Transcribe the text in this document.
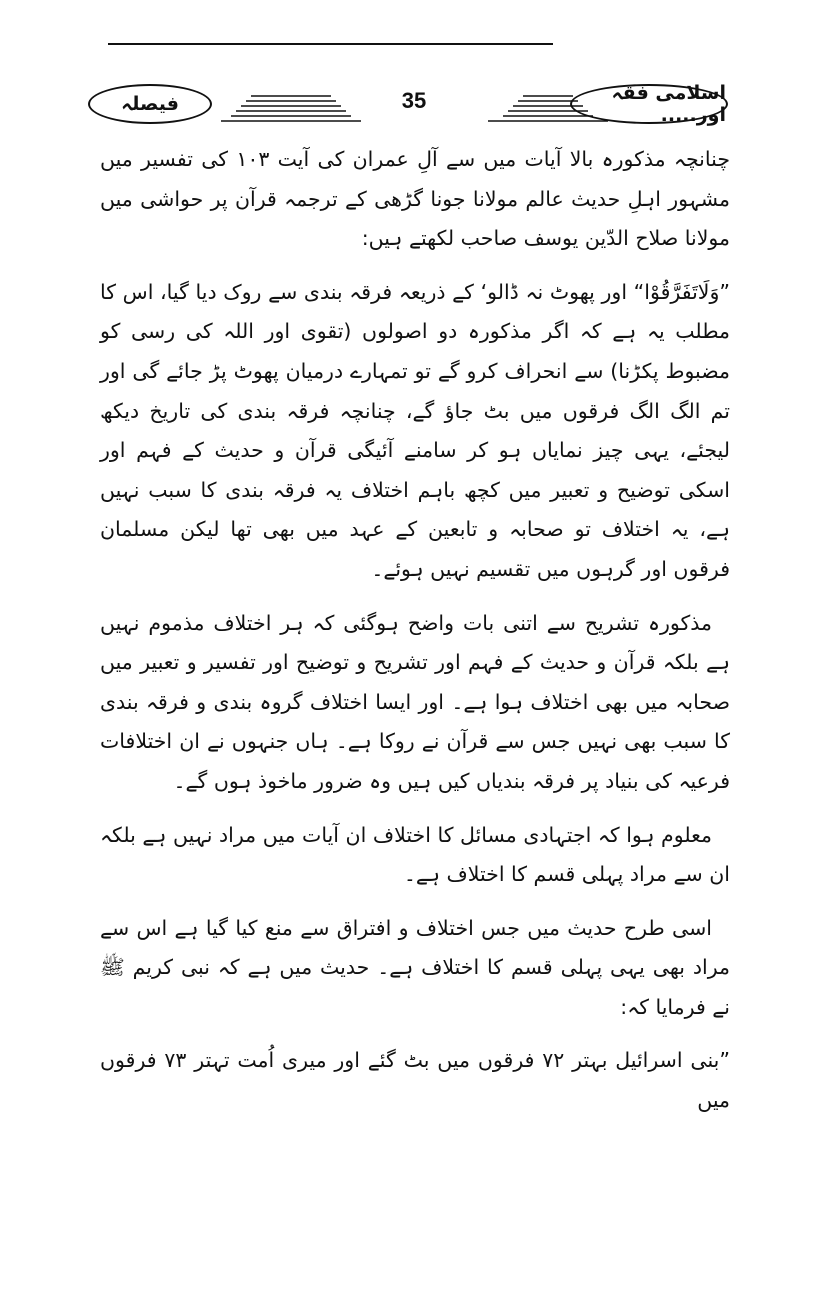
فیصلہ	35	اسلامی فقہ اور.....

چنانچہ مذکورہ بالا آیات میں سے آلِ عمران کی آیت ۱۰۳ کی تفسیر میں مشہور اہلِ حدیث عالم مولانا جونا گڑھی کے ترجمہ قرآن پر حواشی میں مولانا صلاح الدّین یوسف صاحب لکھتے ہیں:

”وَلَاتَفَرَّقُوْا“ اور پھوٹ نہ ڈالو‘ کے ذریعہ فرقہ بندی سے روک دیا گیا، اس کا مطلب یہ ہے کہ اگر مذکورہ دو اصولوں (تقوی اور اللہ کی رسی کو مضبوط پکڑنا) سے انحراف کرو گے تو تمہارے درمیان پھوٹ پڑ جائے گی اور تم الگ الگ فرقوں میں بٹ جاؤ گے، چنانچہ فرقہ بندی کی تاریخ دیکھ لیجئے، یہی چیز نمایاں ہو کر سامنے آئیگی قرآن و حدیث کے فہم اور اسکی توضیح و تعبیر میں کچھ باہم اختلاف یہ فرقہ بندی کا سبب نہیں ہے، یہ اختلاف تو صحابہ و تابعین کے عہد میں بھی تھا لیکن مسلمان فرقوں اور گرہوں میں تقسیم نہیں ہوئے۔

مذکورہ تشریح سے اتنی بات واضح ہوگئی کہ ہر اختلاف مذموم نہیں ہے بلکہ قرآن و حدیث کے فہم اور تشریح و توضیح اور تفسیر و تعبیر میں صحابہ میں بھی اختلاف ہوا ہے۔ اور ایسا اختلاف گروہ بندی و فرقہ بندی کا سبب بھی نہیں جس سے قرآن نے روکا ہے۔ ہاں جنہوں نے ان اختلافات فرعیہ کی بنیاد پر فرقہ بندیاں کیں ہیں وہ ضرور ماخوذ ہوں گے۔

معلوم ہوا کہ اجتہادی مسائل کا اختلاف ان آیات میں مراد نہیں ہے بلکہ ان سے مراد پہلی قسم کا اختلاف ہے۔

اسی طرح حدیث میں جس اختلاف و افتراق سے منع کیا گیا ہے اس سے مراد بھی یہی پہلی قسم کا اختلاف ہے۔ حدیث میں ہے کہ نبی کریم ﷺ نے فرمایا کہ:

”بنی اسرائیل بہتر ۷۲ فرقوں میں بٹ گئے اور میری اُمت تہتر ۷۳ فرقوں میں
